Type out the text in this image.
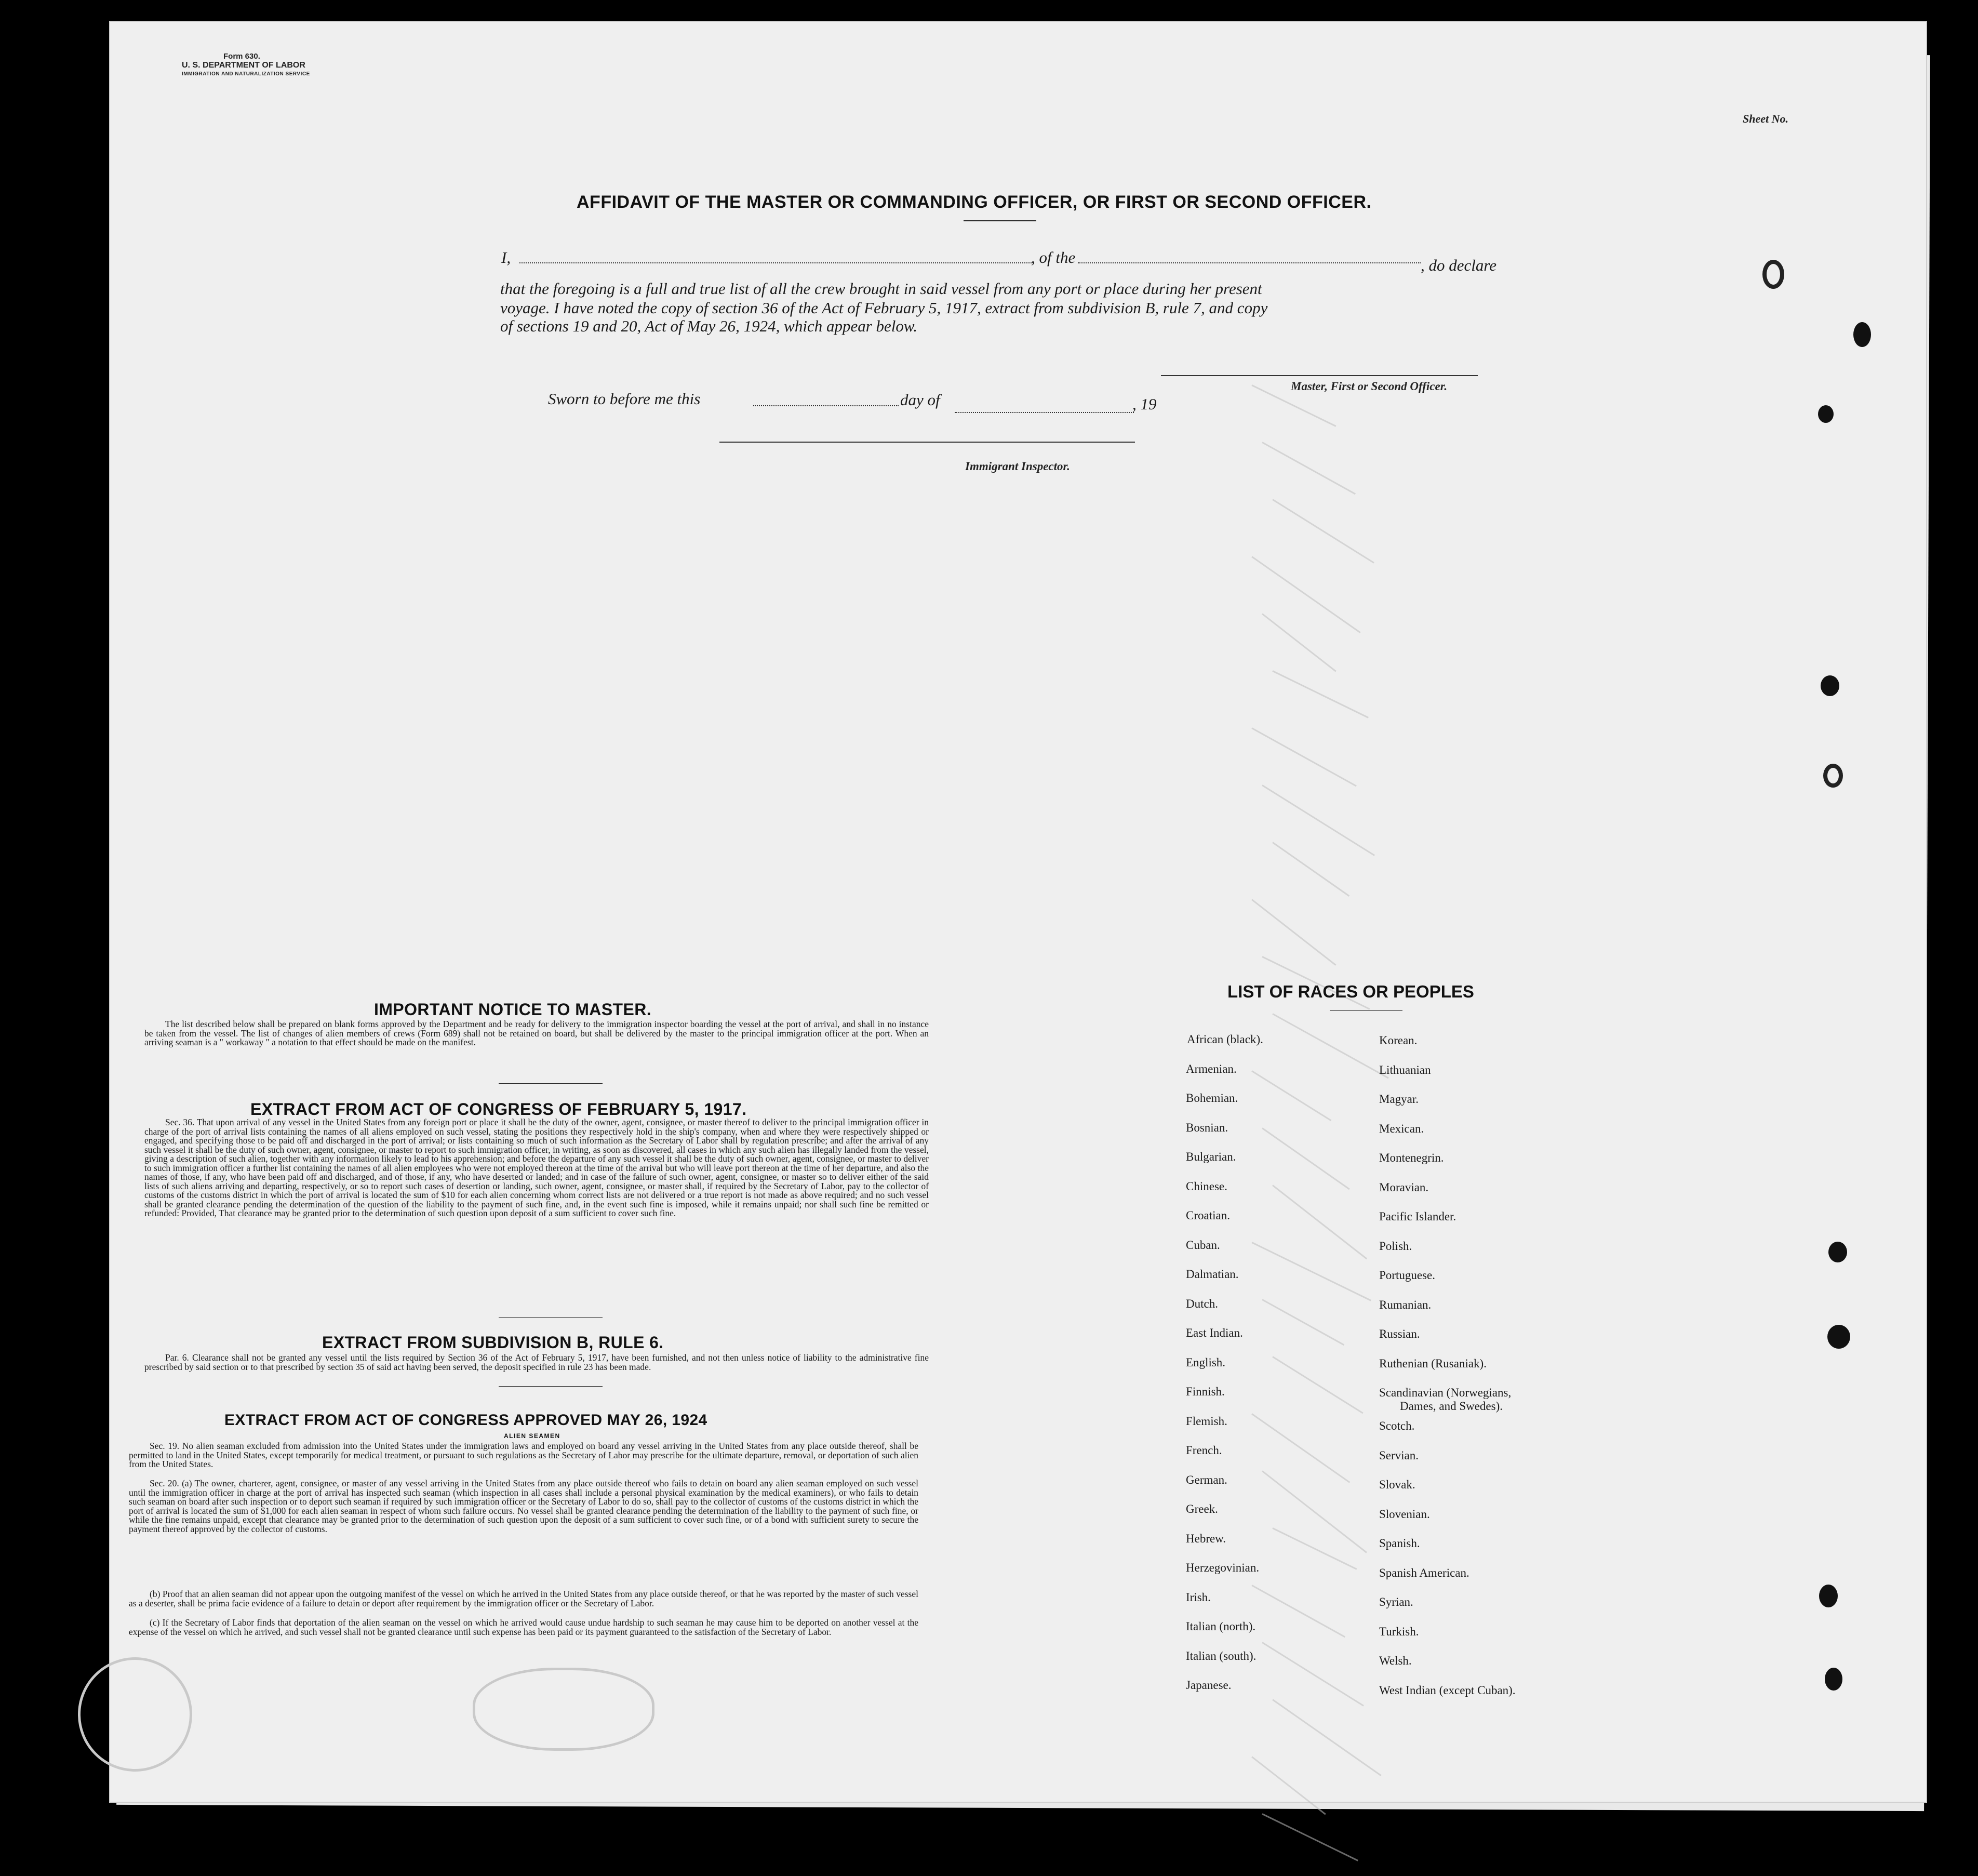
Form 630.
U. S. DEPARTMENT OF LABOR
IMMIGRATION AND NATURALIZATION SERVICE
Sheet No.
AFFIDAVIT OF THE MASTER OR COMMANDING OFFICER, OR FIRST OR SECOND OFFICER.
I,	, of the	, do declare
that the foregoing is a full and true list of all the crew brought in said vessel from any port or place during her present
voyage. I have noted the copy of section 36 of the Act of February 5, 1917, extract from subdivision B, rule 7, and copy
of sections 19 and 20, Act of May 26, 1924, which appear below.
Master, First or Second Officer.
Sworn to before me this	day of	, 19
Immigrant Inspector.
IMPORTANT NOTICE TO MASTER.
The list described below shall be prepared on blank forms approved by the Department and be ready for delivery to the immigration inspector boarding the vessel at the port of arrival, and shall in no instance be taken from the vessel. The list of changes of alien members of crews (Form 689) shall not be retained on board, but shall be delivered by the master to the principal immigration officer at the port. When an arriving seaman is a " workaway " a notation to that effect should be made on the manifest.
EXTRACT FROM ACT OF CONGRESS OF FEBRUARY 5, 1917.
Sec. 36. That upon arrival of any vessel in the United States from any foreign port or place it shall be the duty of the owner, agent, consignee, or master thereof to deliver to the principal immigration officer in charge of the port of arrival lists containing the names of all aliens employed on such vessel, stating the positions they respectively hold in the ship's company, when and where they were respectively shipped or engaged, and specifying those to be paid off and discharged in the port of arrival; or lists containing so much of such information as the Secretary of Labor shall by regulation prescribe; and after the arrival of any such vessel it shall be the duty of such owner, agent, consignee, or master to report to such immigration officer, in writing, as soon as discovered, all cases in which any such alien has illegally landed from the vessel, giving a description of such alien, together with any information likely to lead to his apprehension; and before the departure of any such vessel it shall be the duty of such owner, agent, consignee, or master to deliver to such immigration officer a further list containing the names of all alien employees who were not employed thereon at the time of the arrival but who will leave port thereon at the time of her departure, and also the names of those, if any, who have been paid off and discharged, and of those, if any, who have deserted or landed; and in case of the failure of such owner, agent, consignee, or master so to deliver either of the said lists of such aliens arriving and departing, respectively, or so to report such cases of desertion or landing, such owner, agent, consignee, or master shall, if required by the Secretary of Labor, pay to the collector of customs of the customs district in which the port of arrival is located the sum of $10 for each alien concerning whom correct lists are not delivered or a true report is not made as above required; and no such vessel shall be granted clearance pending the determination of the question of the liability to the payment of such fine, and, in the event such fine is imposed, while it remains unpaid; nor shall such fine be remitted or refunded: Provided, That clearance may be granted prior to the determination of such question upon deposit of a sum sufficient to cover such fine.
EXTRACT FROM SUBDIVISION B, RULE 6.
Par. 6. Clearance shall not be granted any vessel until the lists required by Section 36 of the Act of February 5, 1917, have been furnished, and not then unless notice of liability to the administrative fine prescribed by said section or to that prescribed by section 35 of said act having been served, the deposit specified in rule 23 has been made.
EXTRACT FROM ACT OF CONGRESS APPROVED MAY 26, 1924
ALIEN SEAMEN
Sec. 19. No alien seaman excluded from admission into the United States under the immigration laws and employed on board any vessel arriving in the United States from any place outside thereof, shall be permitted to land in the United States, except temporarily for medical treatment, or pursuant to such regulations as the Secretary of Labor may prescribe for the ultimate departure, removal, or deportation of such alien from the United States.
Sec. 20. (a) The owner, charterer, agent, consignee, or master of any vessel arriving in the United States from any place outside thereof who fails to detain on board any alien seaman employed on such vessel until the immigration officer in charge at the port of arrival has inspected such seaman (which inspection in all cases shall include a personal physical examination by the medical examiners), or who fails to detain such seaman on board after such inspection or to deport such seaman if required by such immigration officer or the Secretary of Labor to do so, shall pay to the collector of customs of the customs district in which the port of arrival is located the sum of $1,000 for each alien seaman in respect of whom such failure occurs. No vessel shall be granted clearance pending the determination of the liability to the payment of such fine, or while the fine remains unpaid, except that clearance may be granted prior to the determination of such question upon the deposit of a sum sufficient to cover such fine, or of a bond with sufficient surety to secure the payment thereof approved by the collector of customs.
(b) Proof that an alien seaman did not appear upon the outgoing manifest of the vessel on which he arrived in the United States from any place outside thereof, or that he was reported by the master of such vessel as a deserter, shall be prima facie evidence of a failure to detain or deport after requirement by the immigration officer or the Secretary of Labor.
(c) If the Secretary of Labor finds that deportation of the alien seaman on the vessel on which he arrived would cause undue hardship to such seaman he may cause him to be deported on another vessel at the expense of the vessel on which he arrived, and such vessel shall not be granted clearance until such expense has been paid or its payment guaranteed to the satisfaction of the Secretary of Labor.
LIST OF RACES OR PEOPLES
African (black).
Armenian.
Bohemian.
Bosnian.
Bulgarian.
Chinese.
Croatian.
Cuban.
Dalmatian.
Dutch.
East Indian.
English.
Finnish.
Flemish.
French.
German.
Greek.
Hebrew.
Herzegovinian.
Irish.
Italian (north).
Italian (south).
Japanese.
Korean.
Lithuanian
Magyar.
Mexican.
Montenegrin.
Moravian.
Pacific Islander.
Polish.
Portuguese.
Rumanian.
Russian.
Ruthenian (Rusaniak).
Scandinavian (Norwegians,
Dames, and Swedes).
Scotch.
Servian.
Slovak.
Slovenian.
Spanish.
Spanish American.
Syrian.
Turkish.
Welsh.
West Indian (except Cuban).
